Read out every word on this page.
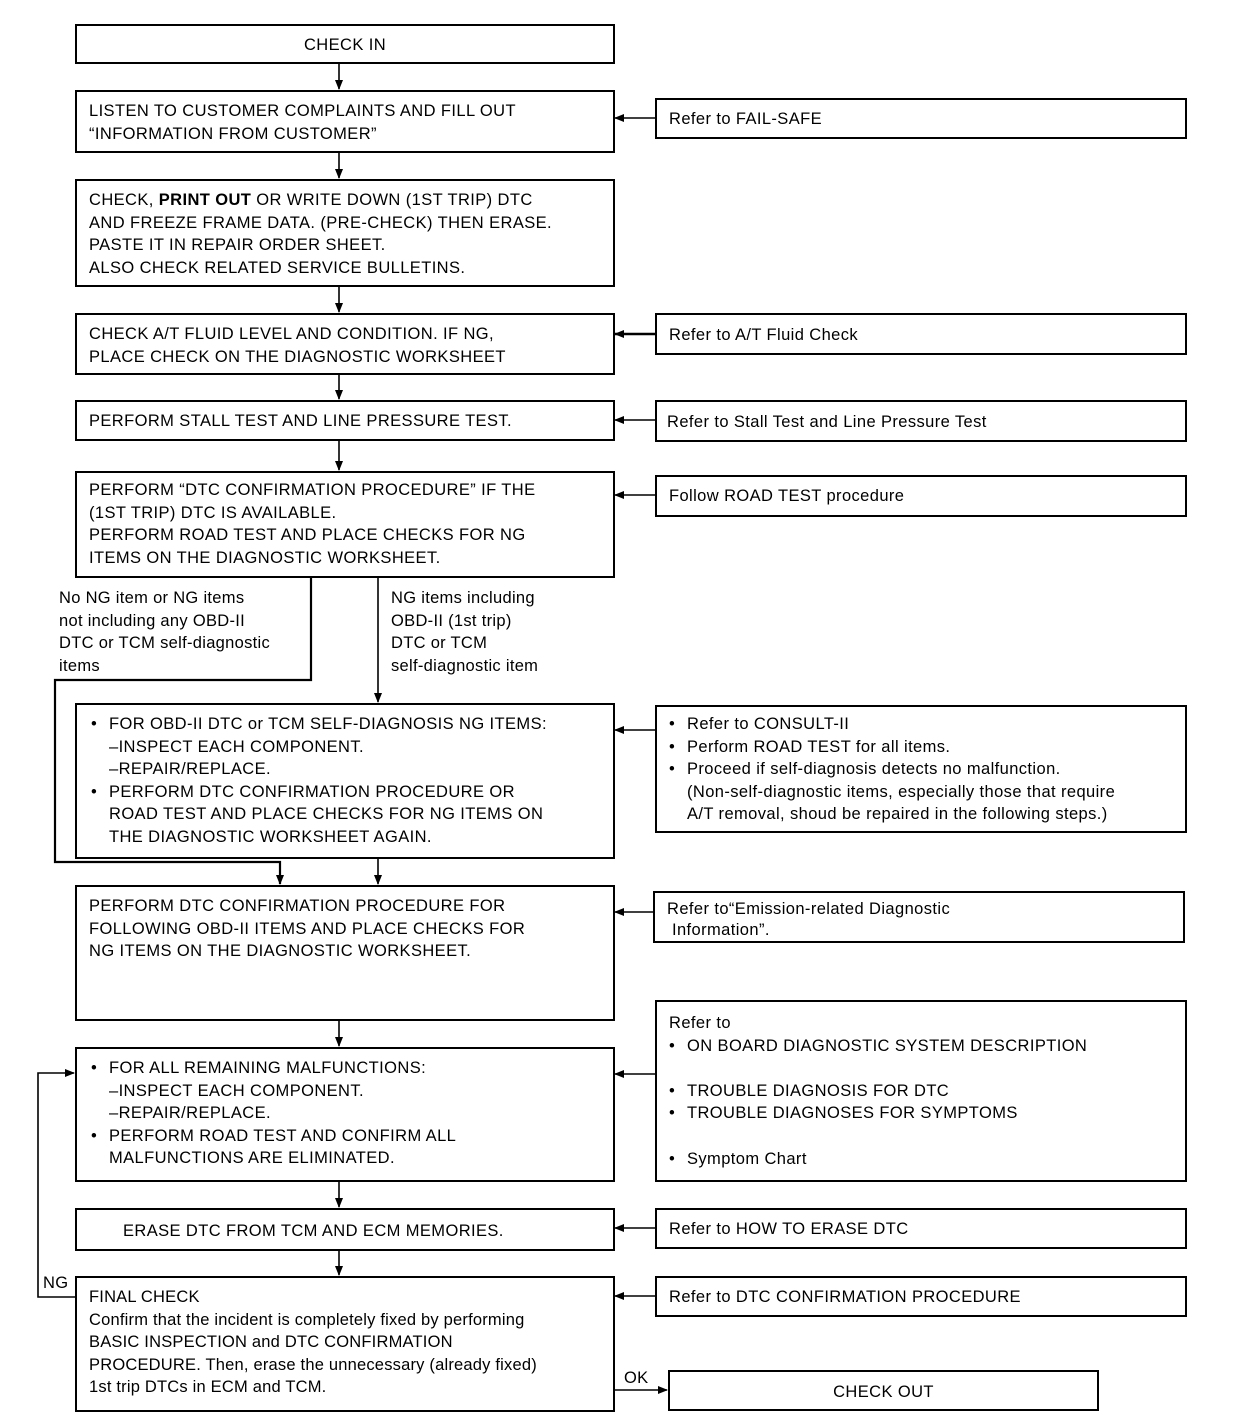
CHECK IN
LISTEN TO CUSTOMER COMPLAINTS AND FILL OUT
“INFORMATION FROM CUSTOMER”
Refer to FAIL-SAFE
CHECK, PRINT OUT OR WRITE DOWN (1ST TRIP) DTC
AND FREEZE FRAME DATA. (PRE-CHECK) THEN ERASE.
PASTE IT IN REPAIR ORDER SHEET.
ALSO CHECK RELATED SERVICE BULLETINS.
CHECK A/T FLUID LEVEL AND CONDITION. IF NG,
PLACE CHECK ON THE DIAGNOSTIC WORKSHEET
Refer to A/T Fluid Check
PERFORM STALL TEST AND LINE PRESSURE TEST.	Refer to Stall Test and Line Pressure Test
PERFORM “DTC CONFIRMATION PROCEDURE” IF THE
(1ST TRIP) DTC IS AVAILABLE.
PERFORM ROAD TEST AND PLACE CHECKS FOR NG
ITEMS ON THE DIAGNOSTIC WORKSHEET.
Follow ROAD TEST procedure
No NG item or NG items
not including any OBD-II
DTC or TCM self-diagnostic
items
NG items including
OBD-II (1st trip)
DTC or TCM
self-diagnostic item
• FOR OBD-II DTC or TCM SELF-DIAGNOSIS NG ITEMS:
–INSPECT EACH COMPONENT.
–REPAIR/REPLACE.
• PERFORM DTC CONFIRMATION PROCEDURE OR
ROAD TEST AND PLACE CHECKS FOR NG ITEMS ON
THE DIAGNOSTIC WORKSHEET AGAIN.
• Refer to CONSULT-II
• Perform ROAD TEST for all items.
• Proceed if self-diagnosis detects no malfunction.
(Non-self-diagnostic items, especially those that require
A/T removal, shoud be repaired in the following steps.)
PERFORM DTC CONFIRMATION PROCEDURE FOR
FOLLOWING OBD-II ITEMS AND PLACE CHECKS FOR
NG ITEMS ON THE DIAGNOSTIC WORKSHEET.
Refer to“Emission-related Diagnostic
Information”.
• FOR ALL REMAINING MALFUNCTIONS:
–INSPECT EACH COMPONENT.
–REPAIR/REPLACE.
• PERFORM ROAD TEST AND CONFIRM ALL
MALFUNCTIONS ARE ELIMINATED.
Refer to
• ON BOARD DIAGNOSTIC SYSTEM DESCRIPTION
• TROUBLE DIAGNOSIS FOR DTC
• TROUBLE DIAGNOSES FOR SYMPTOMS
• Symptom Chart
ERASE DTC FROM TCM AND ECM MEMORIES.	Refer to HOW TO ERASE DTC
FINAL CHECK
Confirm that the incident is completely fixed by performing
BASIC INSPECTION and DTC CONFIRMATION
PROCEDURE. Then, erase the unnecessary (already fixed)
1st trip DTCs in ECM and TCM.
Refer to DTC CONFIRMATION PROCEDURE
NG
OK
CHECK OUT
